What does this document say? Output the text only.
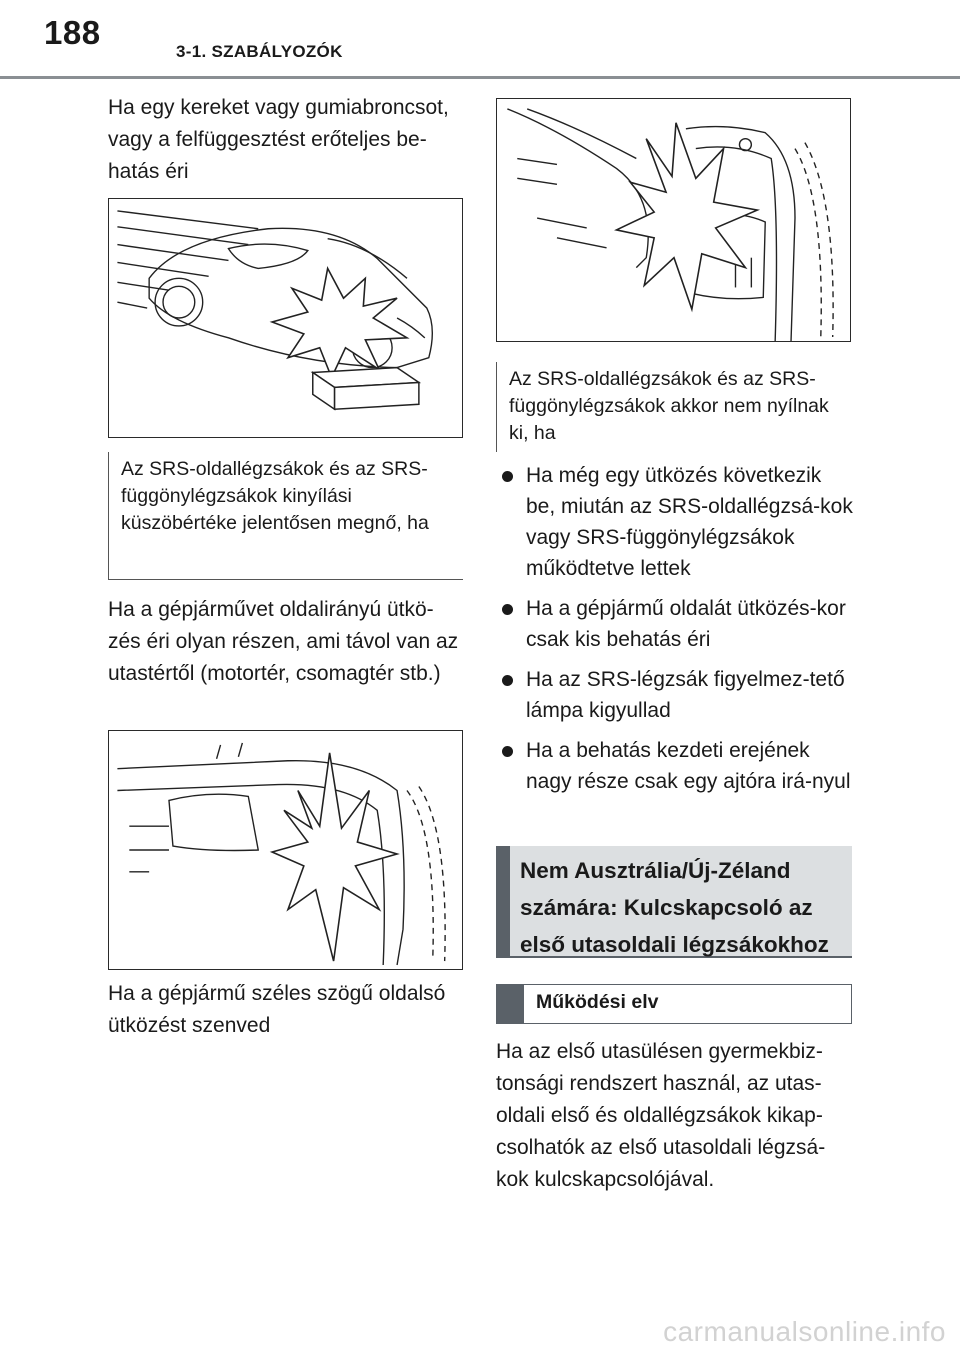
188
3-1. SZABÁLYOZÓK

Ha egy kereket vagy gumiabroncsot, vagy a felfüggesztést erőteljes be-hatás éri

Az SRS-oldallégzsákok és az SRS-függönylégzsákok kinyílási küszöbértéke jelentősen megnő, ha

Ha a gépjárművet oldalirányú ütkö-zés éri olyan részen, ami távol van az utastértől (motortér, csomagtér stb.)

Ha a gépjármű széles szögű oldalsó ütközést szenved

Az SRS-oldallégzsákok és az SRS-függönylégzsákok akkor nem nyílnak ki, ha
Ha még egy ütközés következik be, miután az SRS-oldallégzsá-kok vagy SRS-függönylégzsákok működtetve lettek
Ha a gépjármű oldalát ütközés-kor csak kis behatás éri
Ha az SRS-légzsák figyelmez-tető lámpa kigyullad
Ha a behatás kezdeti erejének nagy része csak egy ajtóra irá-nyul
Nem Ausztrália/Új-Zéland számára: Kulcskapcsoló az első utasoldali légzsákokhoz
Működési elv

Ha az első utasülésen gyermekbiz-tonsági rendszert használ, az utas-oldali első és oldallégzsákok kikap-csolhatók az első utasoldali légzsá-kok kulcskapcsolójával.

carmanualsonline.info
